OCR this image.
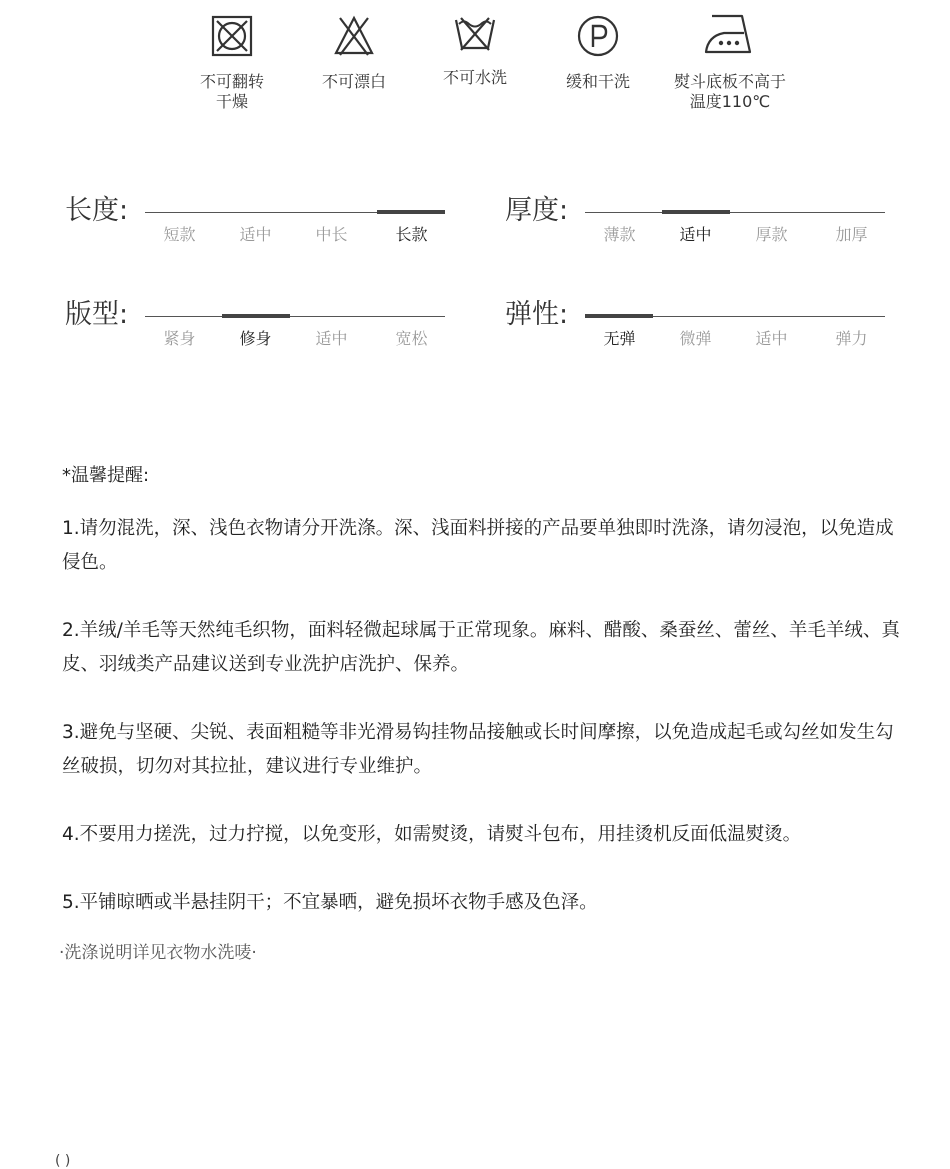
不可翻转
干燥
不可漂白	不可水洗	缓和干洗	熨斗底板不高于
温度110℃
长度:
短款	适中	中长	长款
厚度:
薄款	适中	厚款	加厚
版型:
紧身	修身	适中	宽松
弹性:
无弹	微弹	适中	弹力
*温馨提醒:
1.请勿混洗，深、浅色衣物请分开洗涤。深、浅面料拼接的产品要单独即时洗涤，请勿浸泡，以免造成侵色。
2.羊绒/羊毛等天然纯毛织物，面料轻微起球属于正常现象。麻料、醋酸、桑蚕丝、蕾丝、羊毛羊绒、真皮、羽绒类产品建议送到专业洗护店洗护、保养。
3.避免与坚硬、尖锐、表面粗糙等非光滑易钩挂物品接触或长时间摩擦，以免造成起毛或勾丝如发生勾丝破损，切勿对其拉扯，建议进行专业维护。
4.不要用力搓洗，过力拧搅，以免变形，如需熨烫，请熨斗包布，用挂烫机反面低温熨烫。
5.平铺晾晒或半悬挂阴干；不宜暴晒，避免损坏衣物手感及色泽。
·洗涤说明详见衣物水洗唛·
( )
